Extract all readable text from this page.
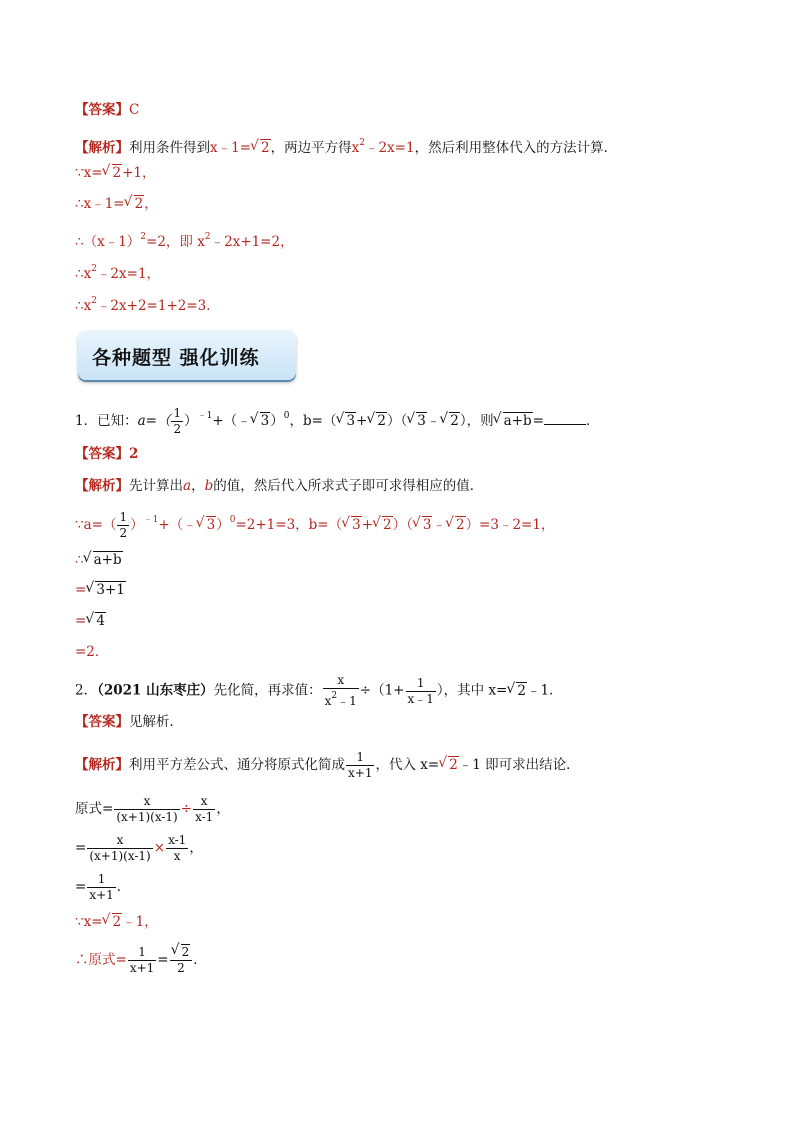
【答案】C
【解析】利用条件得到x﹣1=√ 2，两边平方得$x^2﹣2x=1$，然后利用整体代入的方法计算．
∵x=√ 2+1，
∴x﹣1=√ 2，
∴（x﹣1）$^2$=2，即 $x^2﹣2x+1=2$，
$\therefore x^2﹣2x=1$，
$\therefore x^2﹣2x+2=1+2=3$．
各种题型 强化训练
1．已知：$a=( \frac{1}{2}$ ）$^{﹣1}+(﹣√$ 3）$^0$，b=（√ 3+√ 2）（√ 3﹣√ 2），则√ a+b=	．
【答案】2
【解析】先计算出a，b的值，然后代入所求式子即可求得相应的值．
∵a=（ $\frac{1}{2}$ ）$^{﹣1}$+（﹣√ 3）$^0$=2+1=3，b=（√ 3+√ 2）（√ 3﹣√ 2）=3﹣2=1，
∴√ a+b
=√ 3+1
=√ 4
=2．
2．（2021 山东枣庄）先化简，再求值： $\frac{x}{x^2﹣1} \div(1+ \frac{1}{x﹣1}$ ），其中 x=√ 2﹣1．
【答案】见解析．
【解析】利用平方差公式、通分将原式化简成 $\frac{1}{x+1}$ ，代入 x=√ 2﹣1 即可求出结论．
原式= $\frac{x}{(x+1)(x-1)} \div \frac{x}{x-1}$ ，
= $\frac{x}{(x+1)(x-1)} \times \frac{x-1}{x}$ ，
= $\frac{1}{x+1}$ ．
∵x=√ 2﹣1，
∴原式= $\frac{1}{x+1}$ =
√ $\frac{2}{2}$ ．
